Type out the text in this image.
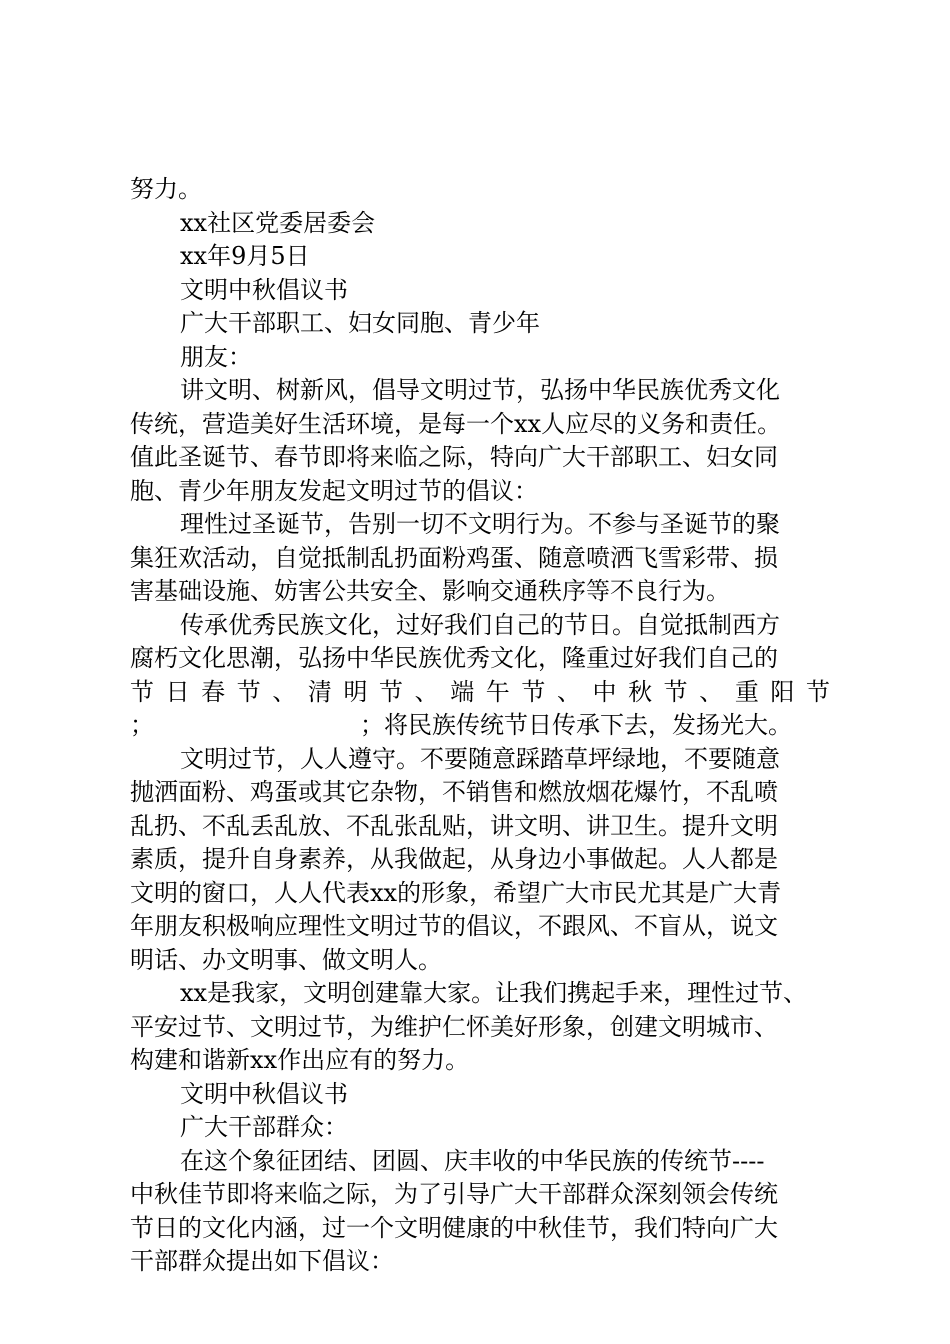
努力。
xx社区党委居委会
xx年9月5日
文明中秋倡议书
广大干部职工、妇女同胞、青少年
朋友：
讲文明、树新风，倡导文明过节，弘扬中华民族优秀文化
传统，营造美好生活环境，是每一个xx人应尽的义务和责任。
值此圣诞节、春节即将来临之际，特向广大干部职工、妇女同
胞、青少年朋友发起文明过节的倡议：
理性过圣诞节，告别一切不文明行为。不参与圣诞节的聚
集狂欢活动，自觉抵制乱扔面粉鸡蛋、随意喷洒飞雪彩带、损
害基础设施、妨害公共安全、影响交通秩序等不良行为。
传承优秀民族文化，过好我们自己的节日。自觉抵制西方
腐朽文化思潮，弘扬中华民族优秀文化，隆重过好我们自己的
节 日 春 节 、 清 明 节 、 端 午 节 、 中 秋 节 、 重 阳 节
；	；将民族传统节日传承下去，发扬光大。
文明过节，人人遵守。不要随意踩踏草坪绿地，不要随意
抛洒面粉、鸡蛋或其它杂物，不销售和燃放烟花爆竹，不乱喷
乱扔、不乱丢乱放、不乱张乱贴，讲文明、讲卫生。提升文明
素质，提升自身素养，从我做起，从身边小事做起。人人都是
文明的窗口，人人代表xx的形象，希望广大市民尤其是广大青
年朋友积极响应理性文明过节的倡议，不跟风、不盲从，说文
明话、办文明事、做文明人。
xx是我家，文明创建靠大家。让我们携起手来，理性过节、
平安过节、文明过节，为维护仁怀美好形象，创建文明城市、
构建和谐新xx作出应有的努力。
文明中秋倡议书
广大干部群众：
在这个象征团结、团圆、庆丰收的中华民族的传统节----
中秋佳节即将来临之际，为了引导广大干部群众深刻领会传统
节日的文化内涵，过一个文明健康的中秋佳节，我们特向广大
干部群众提出如下倡议：
